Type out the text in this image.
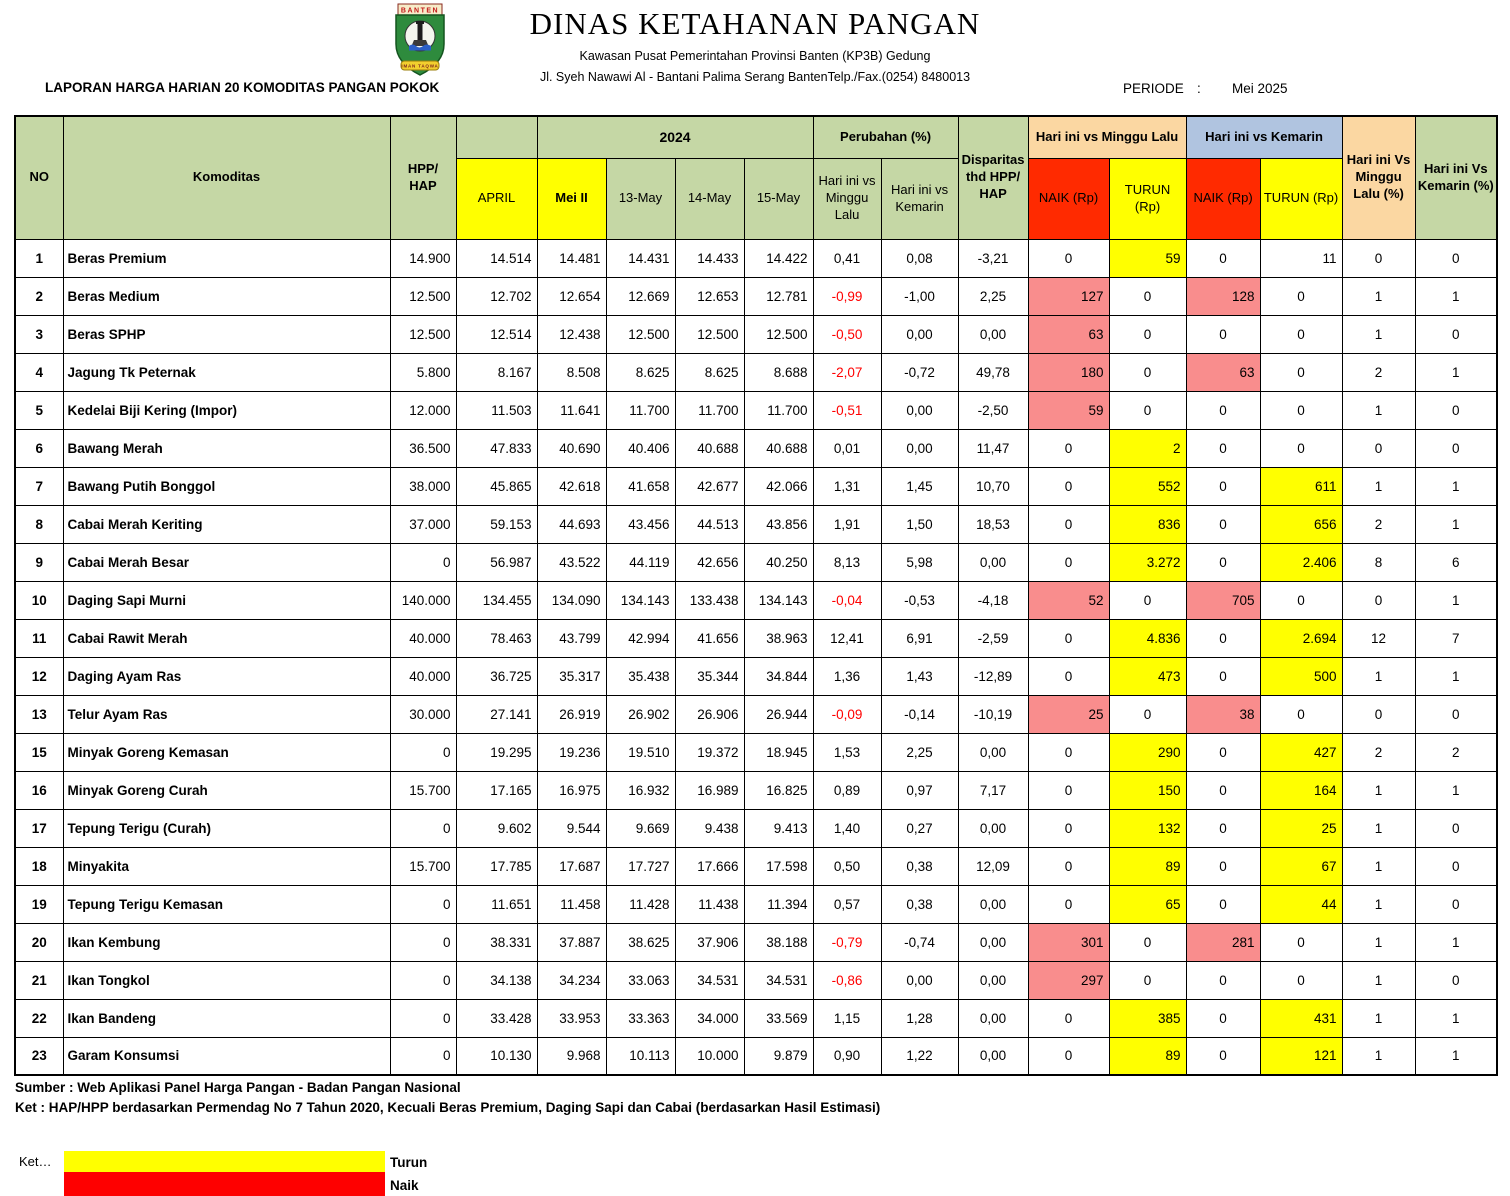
BANTEN
IMAN TAQWA
DINAS KETAHANAN PANGAN
Kawasan Pusat Pemerintahan Provinsi Banten (KP3B) Gedung
Jl. Syeh Nawawi Al - Bantani Palima Serang BantenTelp./Fax.(0254) 8480013
LAPORAN HARGA HARIAN 20 KOMODITAS PANGAN POKOK	PERIODE :	Mei 2025
NO	Komoditas	HPP/ HAP		2024				Perubahan (%)		Disparitas thd HPP/ HAP	Hari ini vs Minggu Lalu		Hari ini vs Kemarin		Hari ini Vs Minggu Lalu (%)	Hari ini Vs Kemarin (%)
			APRIL	Mei II	13-May	14-May	15-May	Hari ini vs Minggu Lalu	Hari ini vs Kemarin		NAIK (Rp)	TURUN (Rp)	NAIK (Rp)	TURUN (Rp)		
1	Beras Premium	14.900	14.514	14.481	14.431	14.433	14.422	0,41	0,08	-3,21	0	59	0	11	0	0
2	Beras Medium	12.500	12.702	12.654	12.669	12.653	12.781	-0,99	-1,00	2,25	127	0	128	0	1	1
3	Beras SPHP	12.500	12.514	12.438	12.500	12.500	12.500	-0,50	0,00	0,00	63	0	0	0	1	0
4	Jagung Tk Peternak	5.800	8.167	8.508	8.625	8.625	8.688	-2,07	-0,72	49,78	180	0	63	0	2	1
5	Kedelai Biji Kering (Impor)	12.000	11.503	11.641	11.700	11.700	11.700	-0,51	0,00	-2,50	59	0	0	0	1	0
6	Bawang Merah	36.500	47.833	40.690	40.406	40.688	40.688	0,01	0,00	11,47	0	2	0	0	0	0
7	Bawang Putih Bonggol	38.000	45.865	42.618	41.658	42.677	42.066	1,31	1,45	10,70	0	552	0	611	1	1
8	Cabai Merah Keriting	37.000	59.153	44.693	43.456	44.513	43.856	1,91	1,50	18,53	0	836	0	656	2	1
9	Cabai Merah Besar	0	56.987	43.522	44.119	42.656	40.250	8,13	5,98	0,00	0	3.272	0	2.406	8	6
10	Daging Sapi Murni	140.000	134.455	134.090	134.143	133.438	134.143	-0,04	-0,53	-4,18	52	0	705	0	0	1
11	Cabai Rawit Merah	40.000	78.463	43.799	42.994	41.656	38.963	12,41	6,91	-2,59	0	4.836	0	2.694	12	7
12	Daging Ayam Ras	40.000	36.725	35.317	35.438	35.344	34.844	1,36	1,43	-12,89	0	473	0	500	1	1
13	Telur Ayam Ras	30.000	27.141	26.919	26.902	26.906	26.944	-0,09	-0,14	-10,19	25	0	38	0	0	0
15	Minyak Goreng Kemasan	0	19.295	19.236	19.510	19.372	18.945	1,53	2,25	0,00	0	290	0	427	2	2
16	Minyak Goreng Curah	15.700	17.165	16.975	16.932	16.989	16.825	0,89	0,97	7,17	0	150	0	164	1	1
17	Tepung Terigu (Curah)	0	9.602	9.544	9.669	9.438	9.413	1,40	0,27	0,00	0	132	0	25	1	0
18	Minyakita	15.700	17.785	17.687	17.727	17.666	17.598	0,50	0,38	12,09	0	89	0	67	1	0
19	Tepung Terigu Kemasan	0	11.651	11.458	11.428	11.438	11.394	0,57	0,38	0,00	0	65	0	44	1	0
20	Ikan Kembung	0	38.331	37.887	38.625	37.906	38.188	-0,79	-0,74	0,00	301	0	281	0	1	1
21	Ikan Tongkol	0	34.138	34.234	33.063	34.531	34.531	-0,86	0,00	0,00	297	0	0	0	1	0
22	Ikan Bandeng	0	33.428	33.953	33.363	34.000	33.569	1,15	1,28	0,00	0	385	0	431	1	1
23	Garam Konsumsi	0	10.130	9.968	10.113	10.000	9.879	0,90	1,22	0,00	0	89	0	121	1	1
Sumber : Web Aplikasi Panel Harga Pangan - Badan Pangan Nasional
Ket : HAP/HPP berdasarkan Permendag No 7 Tahun 2020, Kecuali Beras Premium, Daging Sapi dan Cabai (berdasarkan Hasil Estimasi)
Ket…	Turun
Naik
